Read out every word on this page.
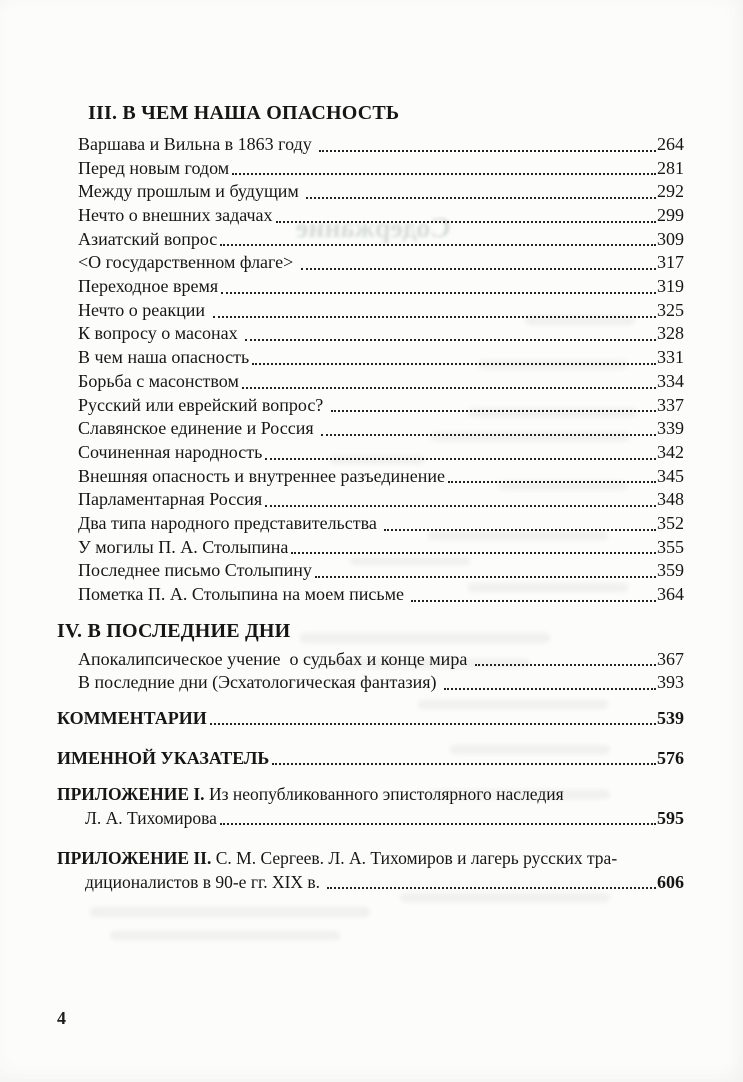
Содержание
III. В ЧЕМ НАША ОПАСНОСТЬ
Варшава и Вильна в 1863 году	264
Перед новым годом	281
Между прошлым и будущим	292
Нечто о внешних задачах	299
Азиатский вопрос	309
<О государственном флаге>	317
Переходное время	319
Нечто о реакции	325
К вопросу о масонах	328
В чем наша опасность	331
Борьба с масонством	334
Русский или еврейский вопрос?	337
Славянское единение и Россия	339
Сочиненная народность	342
Внешняя опасность и внутреннее разъединение	345
Парламентарная Россия	348
Два типа народного представительства	352
У могилы П. А. Столыпина	355
Последнее письмо Столыпину	359
Пометка П. А. Столыпина на моем письме	364
IV. В ПОСЛЕДНИЕ ДНИ
Апокалипсическое учение  о судьбах и конце мира	367
В последние дни (Эсхатологическая фантазия)	393
КОММЕНТАРИИ	539
ИМЕННОЙ УКАЗАТЕЛЬ	576
ПРИЛОЖЕНИЕ I. Из неопубликованного эпистолярного наследия
Л. А. Тихомирова	595
ПРИЛОЖЕНИЕ II. С. М. Сергеев. Л. А. Тихомиров и лагерь русских тра-
диционалистов в 90-е гг. XIX в.	606
4
